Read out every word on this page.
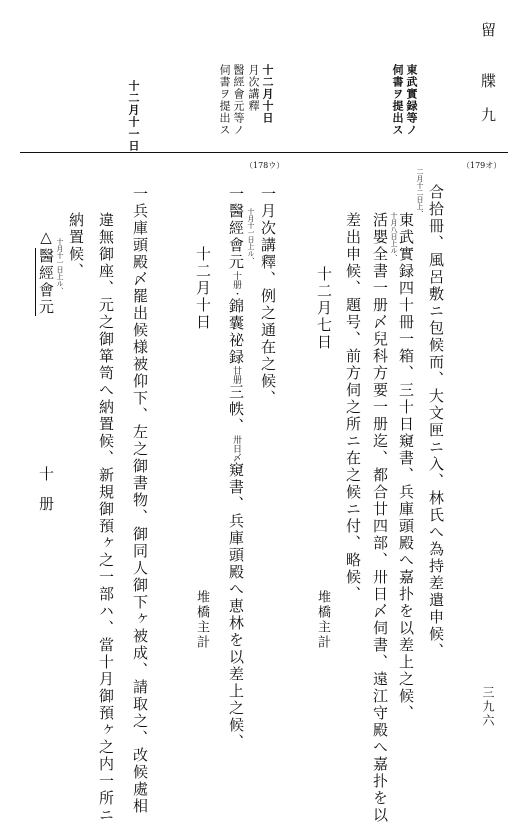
留　　牒　九
三九六
東武實録等ノ
伺書ヲ提出ス
十二月十日
月次講釋
醫經會元等ノ
伺書ヲ提出ス
十二月十一日
（179オ）
（178ウ）
合拾冊、風呂敷ニ包候而、大文匣ニ入、林氏へ為持差遣申候、
二月十二日上、
東武實録四十冊一箱、三十日窺書、兵庫頭殿へ嘉扑を以差上之候、
十月八日上ル、
活嬰全書一册〆兒科方要一册迄、都合廿四部、卅日〆伺書、遠江守殿へ嘉扑を以
差出申候、題号、前方伺之所ニ在之候ニ付、略候、
十二月七日
堆橋主計
一月次講釋、例之通在之候、
十月十一日上ル、
一醫經會元十册・錦囊祕録廿册三帙、卅日〆窺書、兵庫頭殿へ恵林を以差上之候、
十二月十日
堆橋主計
一兵庫頭殿〆罷出候様被仰下、左之御書物、御同人御下ヶ被成、請取之、改候處相
違無御座、元之御箪笥へ納置候、新規御預ヶ之一部ハ、當十月御預ヶ之内一所ニ
納置候、
十月十一日上ル、
△醫經會元
十
册
